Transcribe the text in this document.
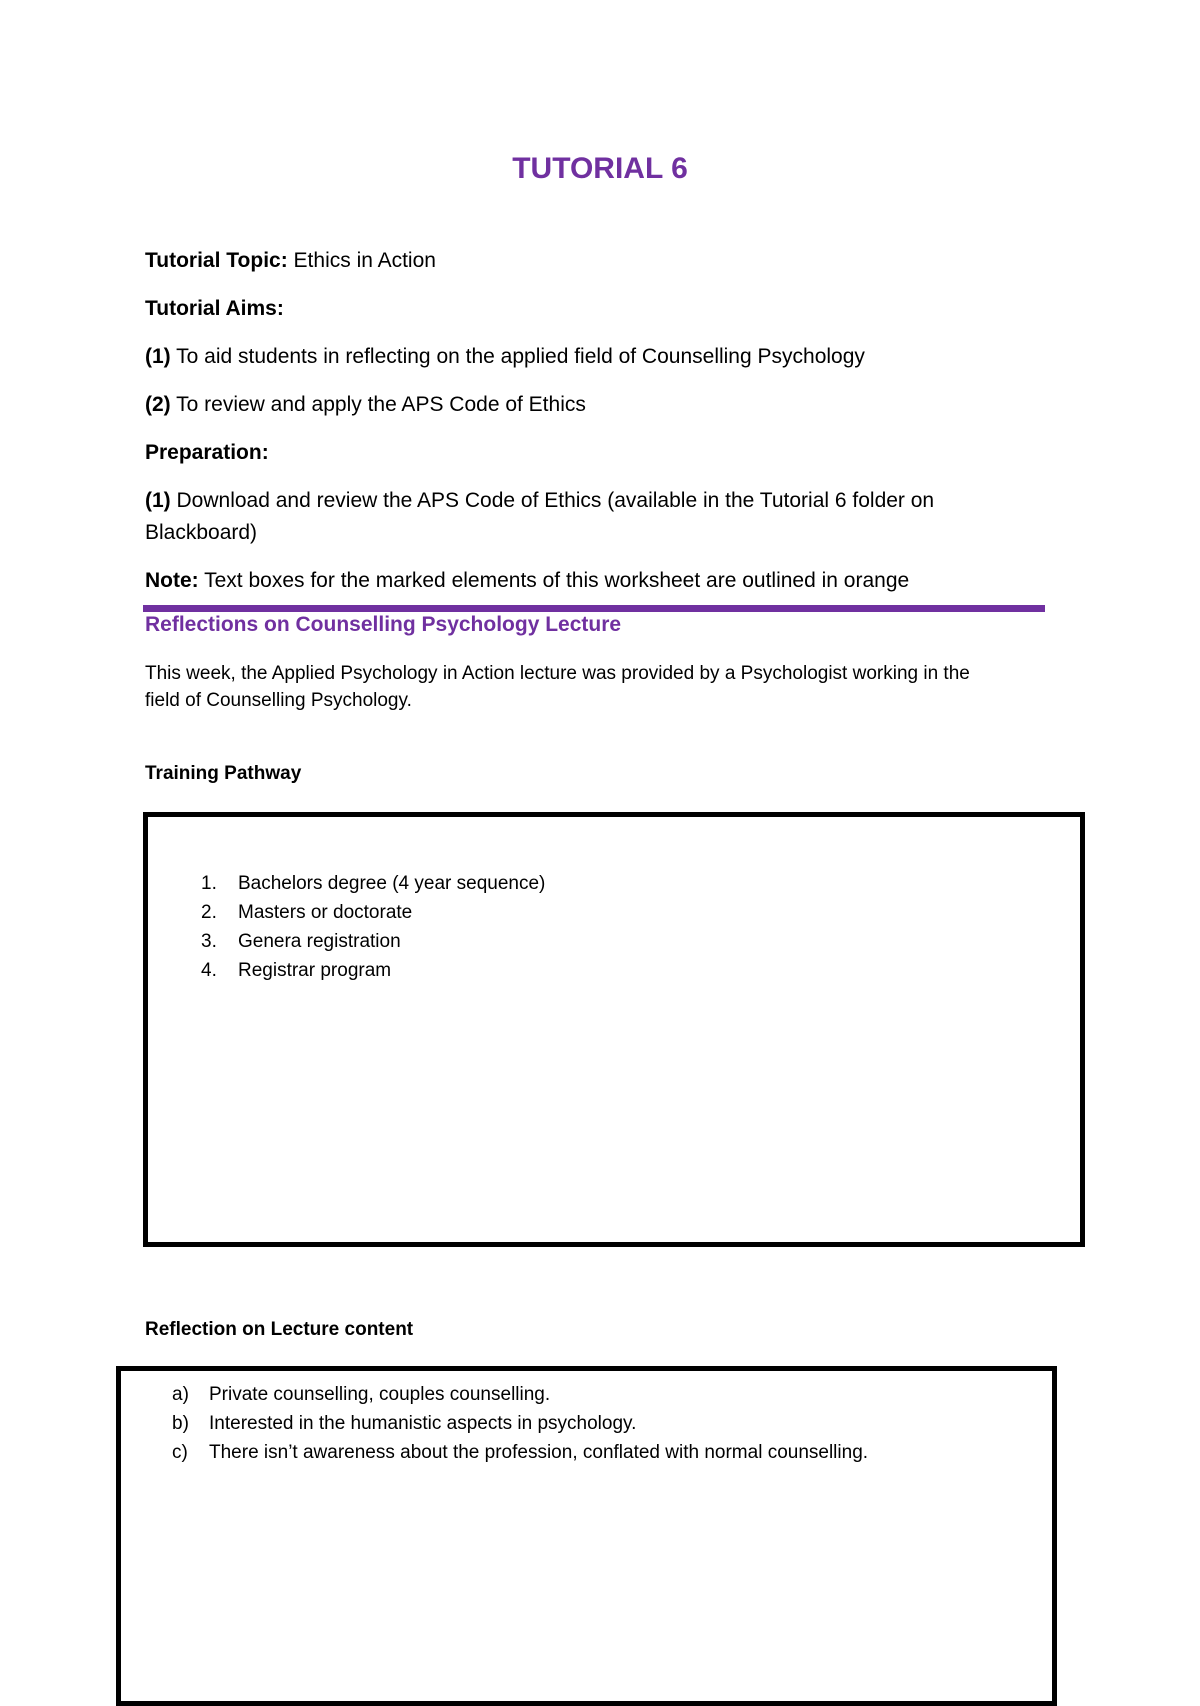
TUTORIAL 6

Tutorial Topic: Ethics in Action

Tutorial Aims:

(1) To aid students in reflecting on the applied field of Counselling Psychology

(2) To review and apply the APS Code of Ethics

Preparation:

(1) Download and review the APS Code of Ethics (available in the Tutorial 6 folder on

Blackboard)

Note: Text boxes for the marked elements of this worksheet are outlined in orange

Reflections on Counselling Psychology Lecture

This week, the Applied Psychology in Action lecture was provided by a Psychologist working in the
field of Counselling Psychology.

Training Pathway
1. Bachelors degree (4 year sequence)
2. Masters or doctorate
3. Genera registration
4. Registrar program
Reflection on Lecture content
a) Private counselling, couples counselling.
b) Interested in the humanistic aspects in psychology.
c) There isn’t awareness about the profession, conflated with normal counselling.
